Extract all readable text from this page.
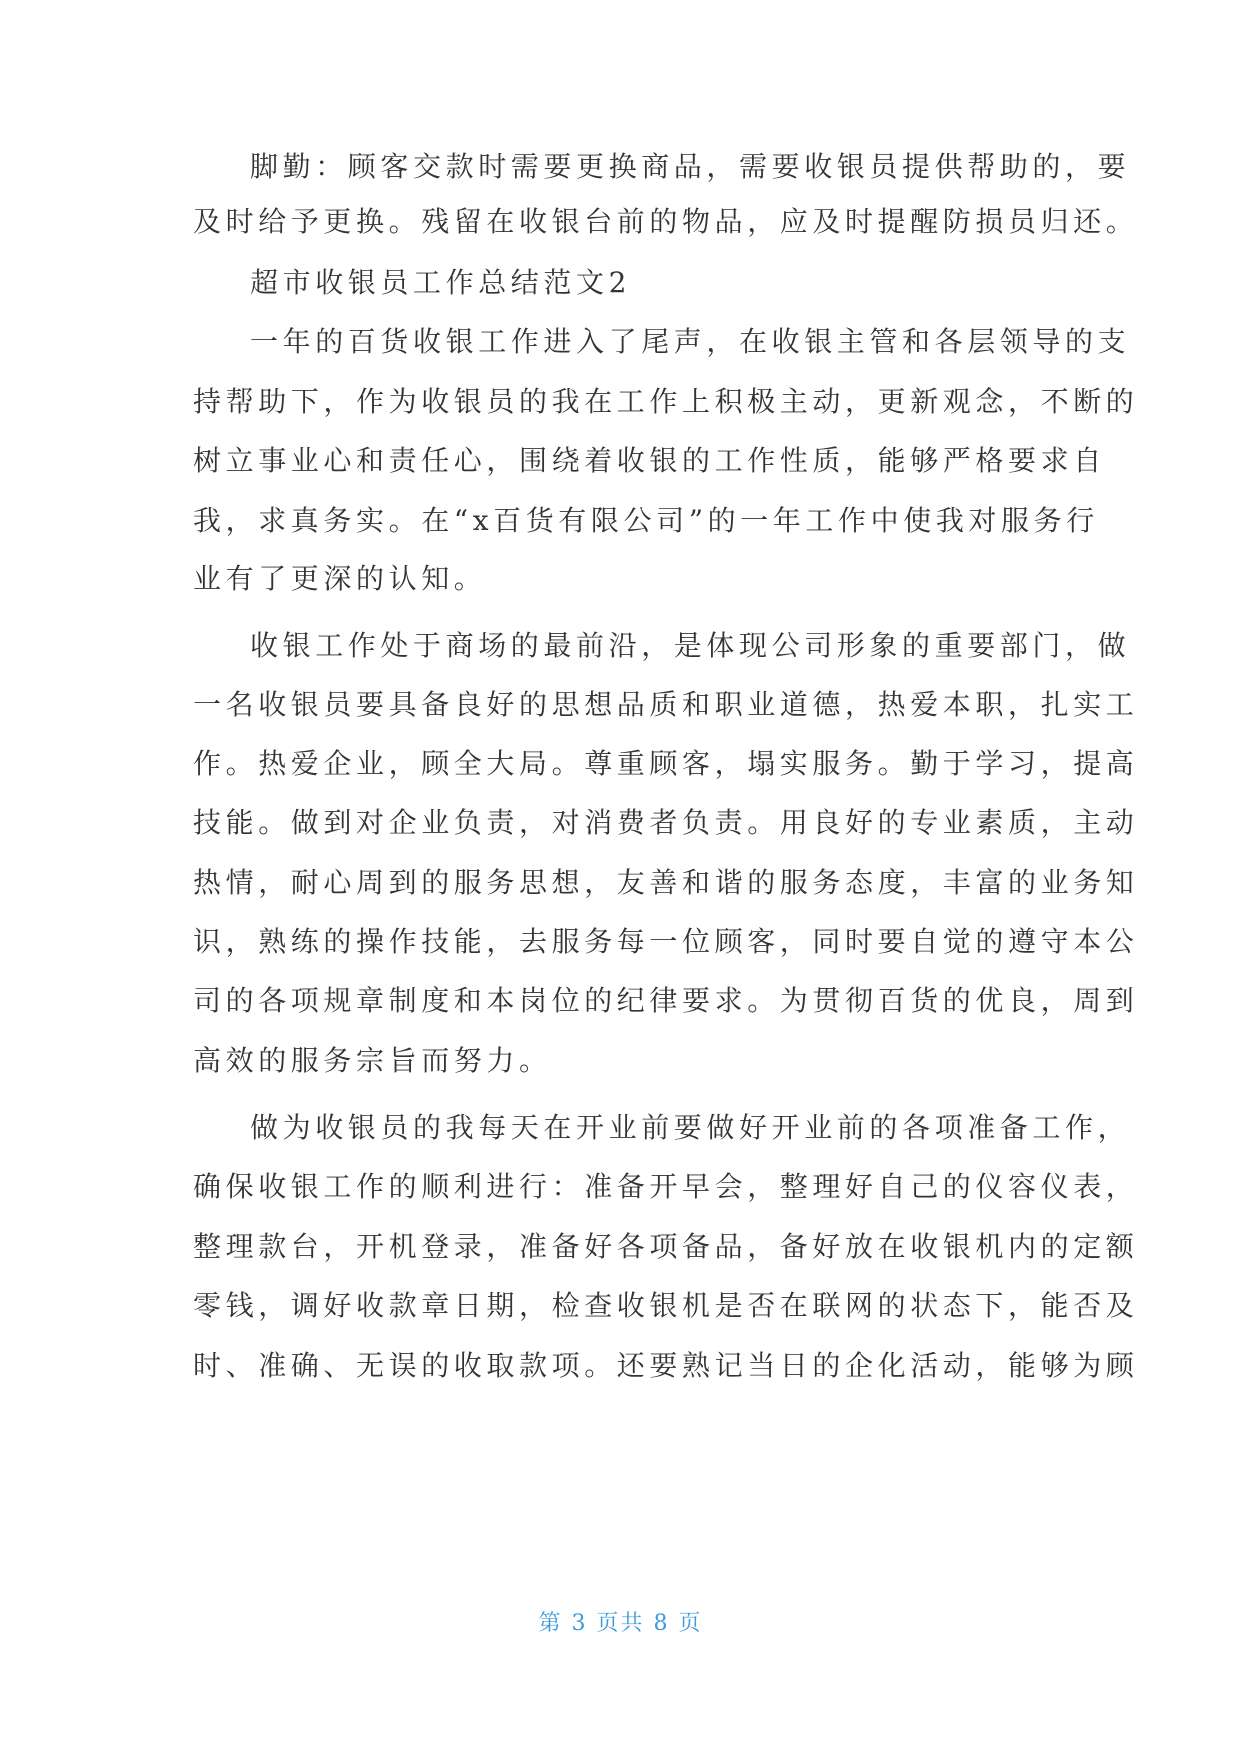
脚勤：顾客交款时需要更换商品，需要收银员提供帮助的，要
及时给予更换。残留在收银台前的物品，应及时提醒防损员归还。
超市收银员工作总结范文2
一年的百货收银工作进入了尾声，在收银主管和各层领导的支
持帮助下，作为收银员的我在工作上积极主动，更新观念，不断的
树立事业心和责任心，围绕着收银的工作性质，能够严格要求自
我，求真务实。在“x百货有限公司”的一年工作中使我对服务行
业有了更深的认知。
收银工作处于商场的最前沿，是体现公司形象的重要部门，做
一名收银员要具备良好的思想品质和职业道德，热爱本职，扎实工
作。热爱企业，顾全大局。尊重顾客，塌实服务。勤于学习，提高
技能。做到对企业负责，对消费者负责。用良好的专业素质，主动
热情，耐心周到的服务思想，友善和谐的服务态度，丰富的业务知
识，熟练的操作技能，去服务每一位顾客，同时要自觉的遵守本公
司的各项规章制度和本岗位的纪律要求。为贯彻百货的优良，周到
高效的服务宗旨而努力。
做为收银员的我每天在开业前要做好开业前的各项准备工作，
确保收银工作的顺利进行：准备开早会，整理好自己的仪容仪表，
整理款台，开机登录，准备好各项备品，备好放在收银机内的定额
零钱，调好收款章日期，检查收银机是否在联网的状态下，能否及
时、准确、无误的收取款项。还要熟记当日的企化活动，能够为顾
第 3 页共 8 页
